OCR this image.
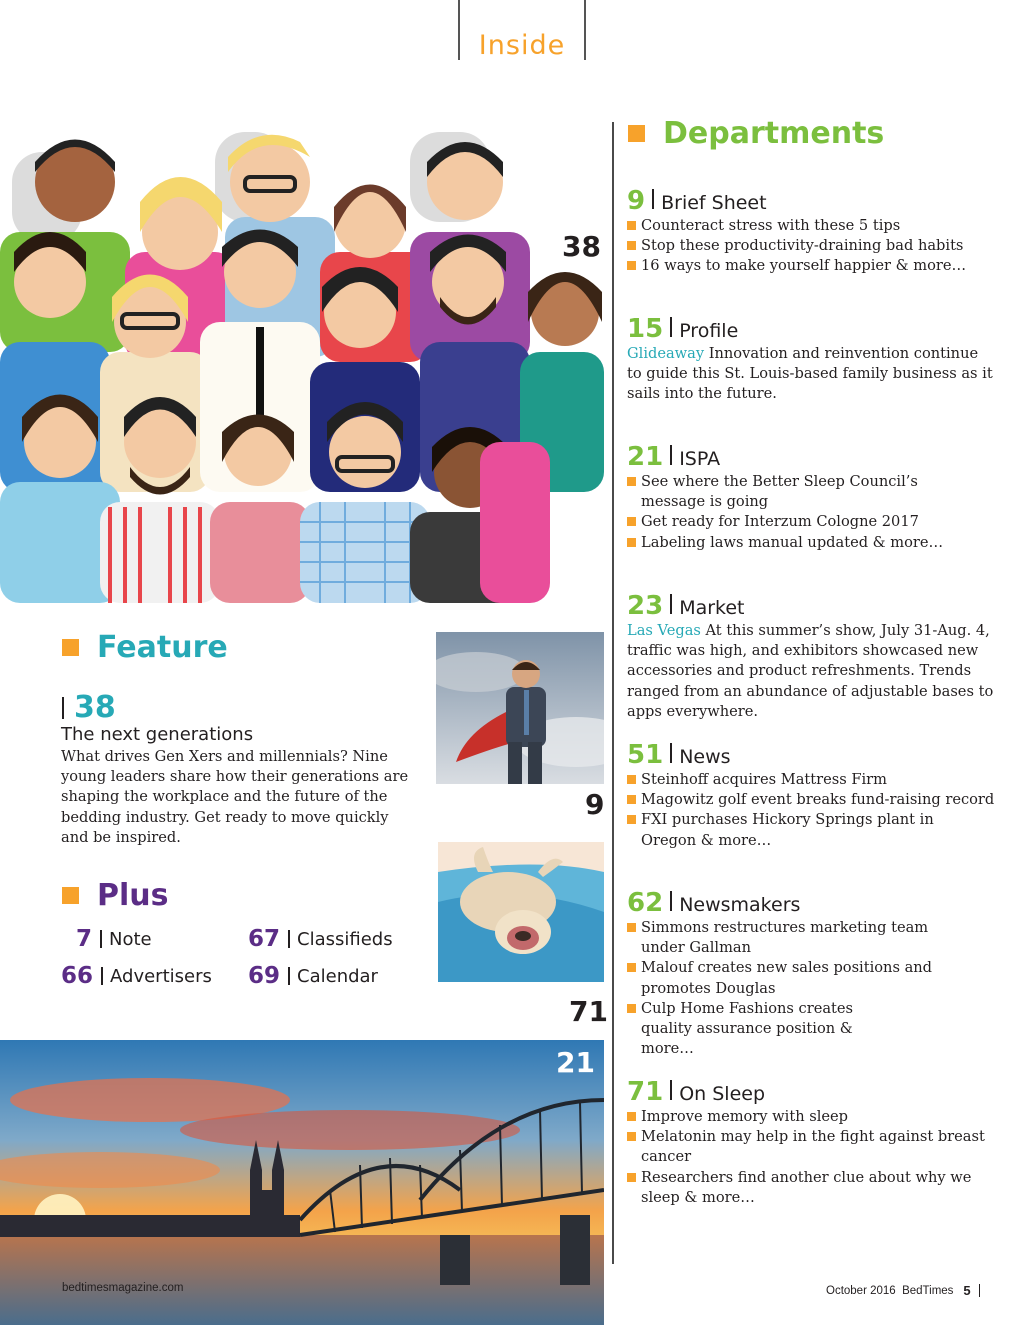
Inside
38
9
71
21
Departments
9 Brief Sheet
Counteract stress with these 5 tips
Stop these productivity-draining bad habits
16 ways to make yourself happier & more…
15 Profile

Glideaway Innovation and reinvention continue to guide this St. Louis-based family business as it sails into the future.

21 ISPA
See where the Better Sleep Council’s message is going
Get ready for Interzum Cologne 2017
Labeling laws manual updated & more…
23 Market

Las Vegas At this summer’s show, July 31-Aug. 4, traffic was high, and exhibitors showcased new accessories and product refreshments. Trends ranged from an abundance of adjustable bases to apps everywhere.

51 News
Steinhoff acquires Mattress Firm
Magowitz golf event breaks fund-raising record
FXI purchases Hickory Springs plant in Oregon & more…
62 Newsmakers
Simmons restructures marketing team under Gallman
Malouf creates new sales positions and promotes Douglas
Culp Home Fashions creates quality assurance position & more…
71 On Sleep
Improve memory with sleep
Melatonin may help in the fight against breast cancer
Researchers find another clue about why we sleep & more…
Feature
38
The next generations
What drives Gen Xers and millennials? Nine young leaders share how their generations are shaping the workplace and the future of the bedding industry. Get ready to move quickly and be inspired.
Plus
7 Note	67 Classifieds
66 Advertisers 69 Calendar
bedtimesmagazine.com	October 2016  BedTimes 5
